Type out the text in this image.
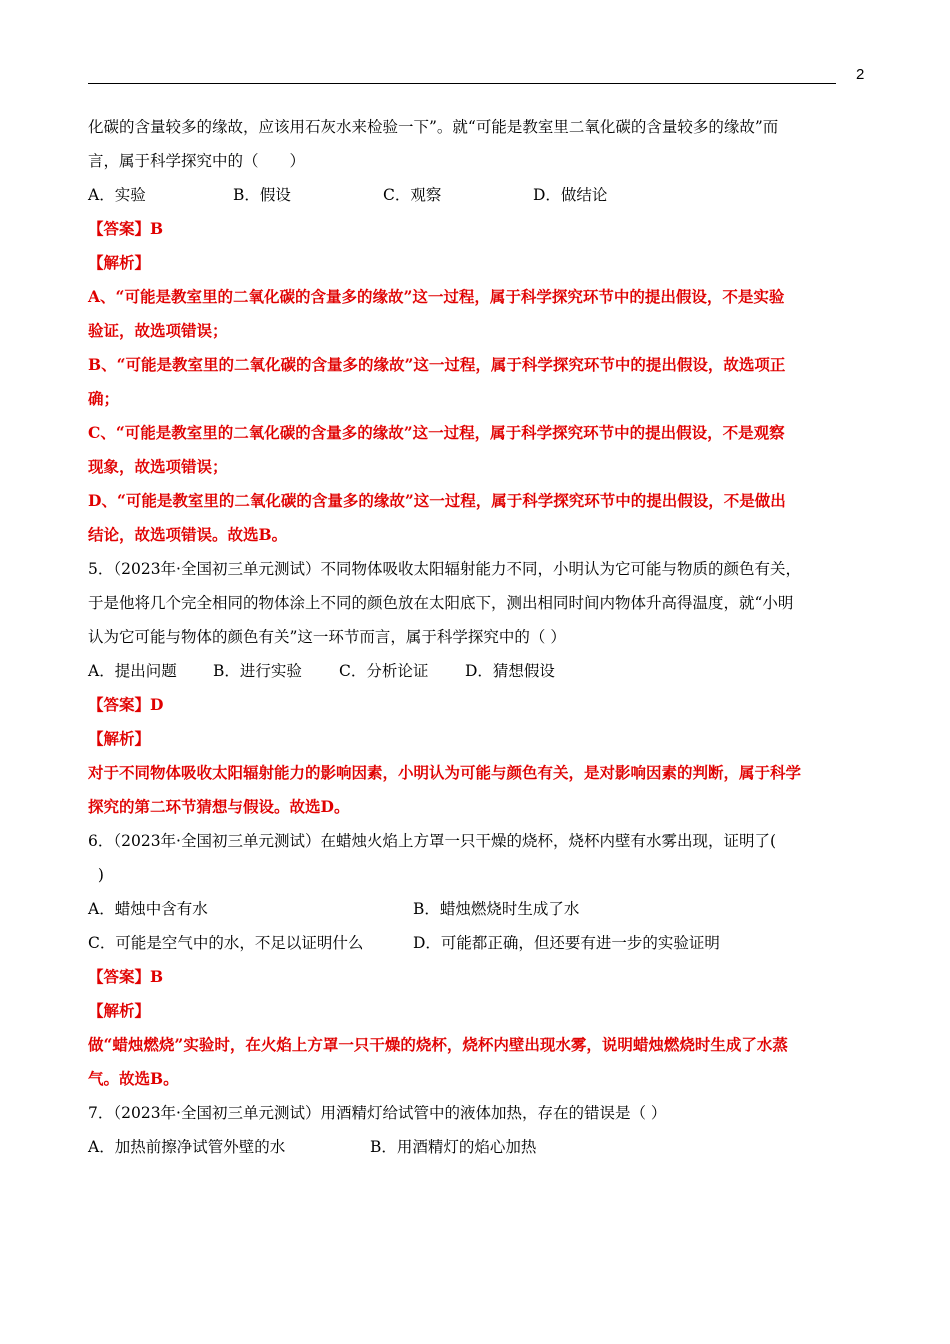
2
化碳的含量较多的缘故，应该用石灰水来检验一下”。就“可能是教室里二氧化碳的含量较多的缘故”而
言，属于科学探究中的（　　）
A．实验	B．假设	C．观察	D．做结论
【答案】B
【解析】
A、“可能是教室里的二氧化碳的含量多的缘故”这一过程，属于科学探究环节中的提出假设，不是实验
验证，故选项错误；
B、“可能是教室里的二氧化碳的含量多的缘故”这一过程，属于科学探究环节中的提出假设，故选项正
确；
C、“可能是教室里的二氧化碳的含量多的缘故”这一过程，属于科学探究环节中的提出假设，不是观察
现象，故选项错误；
D、“可能是教室里的二氧化碳的含量多的缘故”这一过程，属于科学探究环节中的提出假设，不是做出
结论，故选项错误。故选B。
5．（2023年·全国初三单元测试）不同物体吸收太阳辐射能力不同，小明认为它可能与物质的颜色有关，
于是他将几个完全相同的物体涂上不同的颜色放在太阳底下，测出相同时间内物体升高得温度，就“小明
认为它可能与物体的颜色有关”这一环节而言，属于科学探究中的（ ）
A．提出问题 B．进行实验 C．分析论证 D．猜想假设
【答案】D
【解析】
对于不同物体吸收太阳辐射能力的影响因素，小明认为可能与颜色有关，是对影响因素的判断，属于科学
探究的第二环节猜想与假设。故选D。
6．（2023年·全国初三单元测试）在蜡烛火焰上方罩一只干燥的烧杯，烧杯内壁有水雾出现，证明了(
)
A．蜡烛中含有水	B．蜡烛燃烧时生成了水
C．可能是空气中的水，不足以证明什么	D．可能都正确，但还要有进一步的实验证明
【答案】B
【解析】
做“蜡烛燃烧”实验时，在火焰上方罩一只干燥的烧杯，烧杯内壁出现水雾，说明蜡烛燃烧时生成了水蒸
气。故选B。
7．（2023年·全国初三单元测试）用酒精灯给试管中的液体加热，存在的错误是（ ）
A．加热前擦净试管外壁的水	B．用酒精灯的焰心加热
